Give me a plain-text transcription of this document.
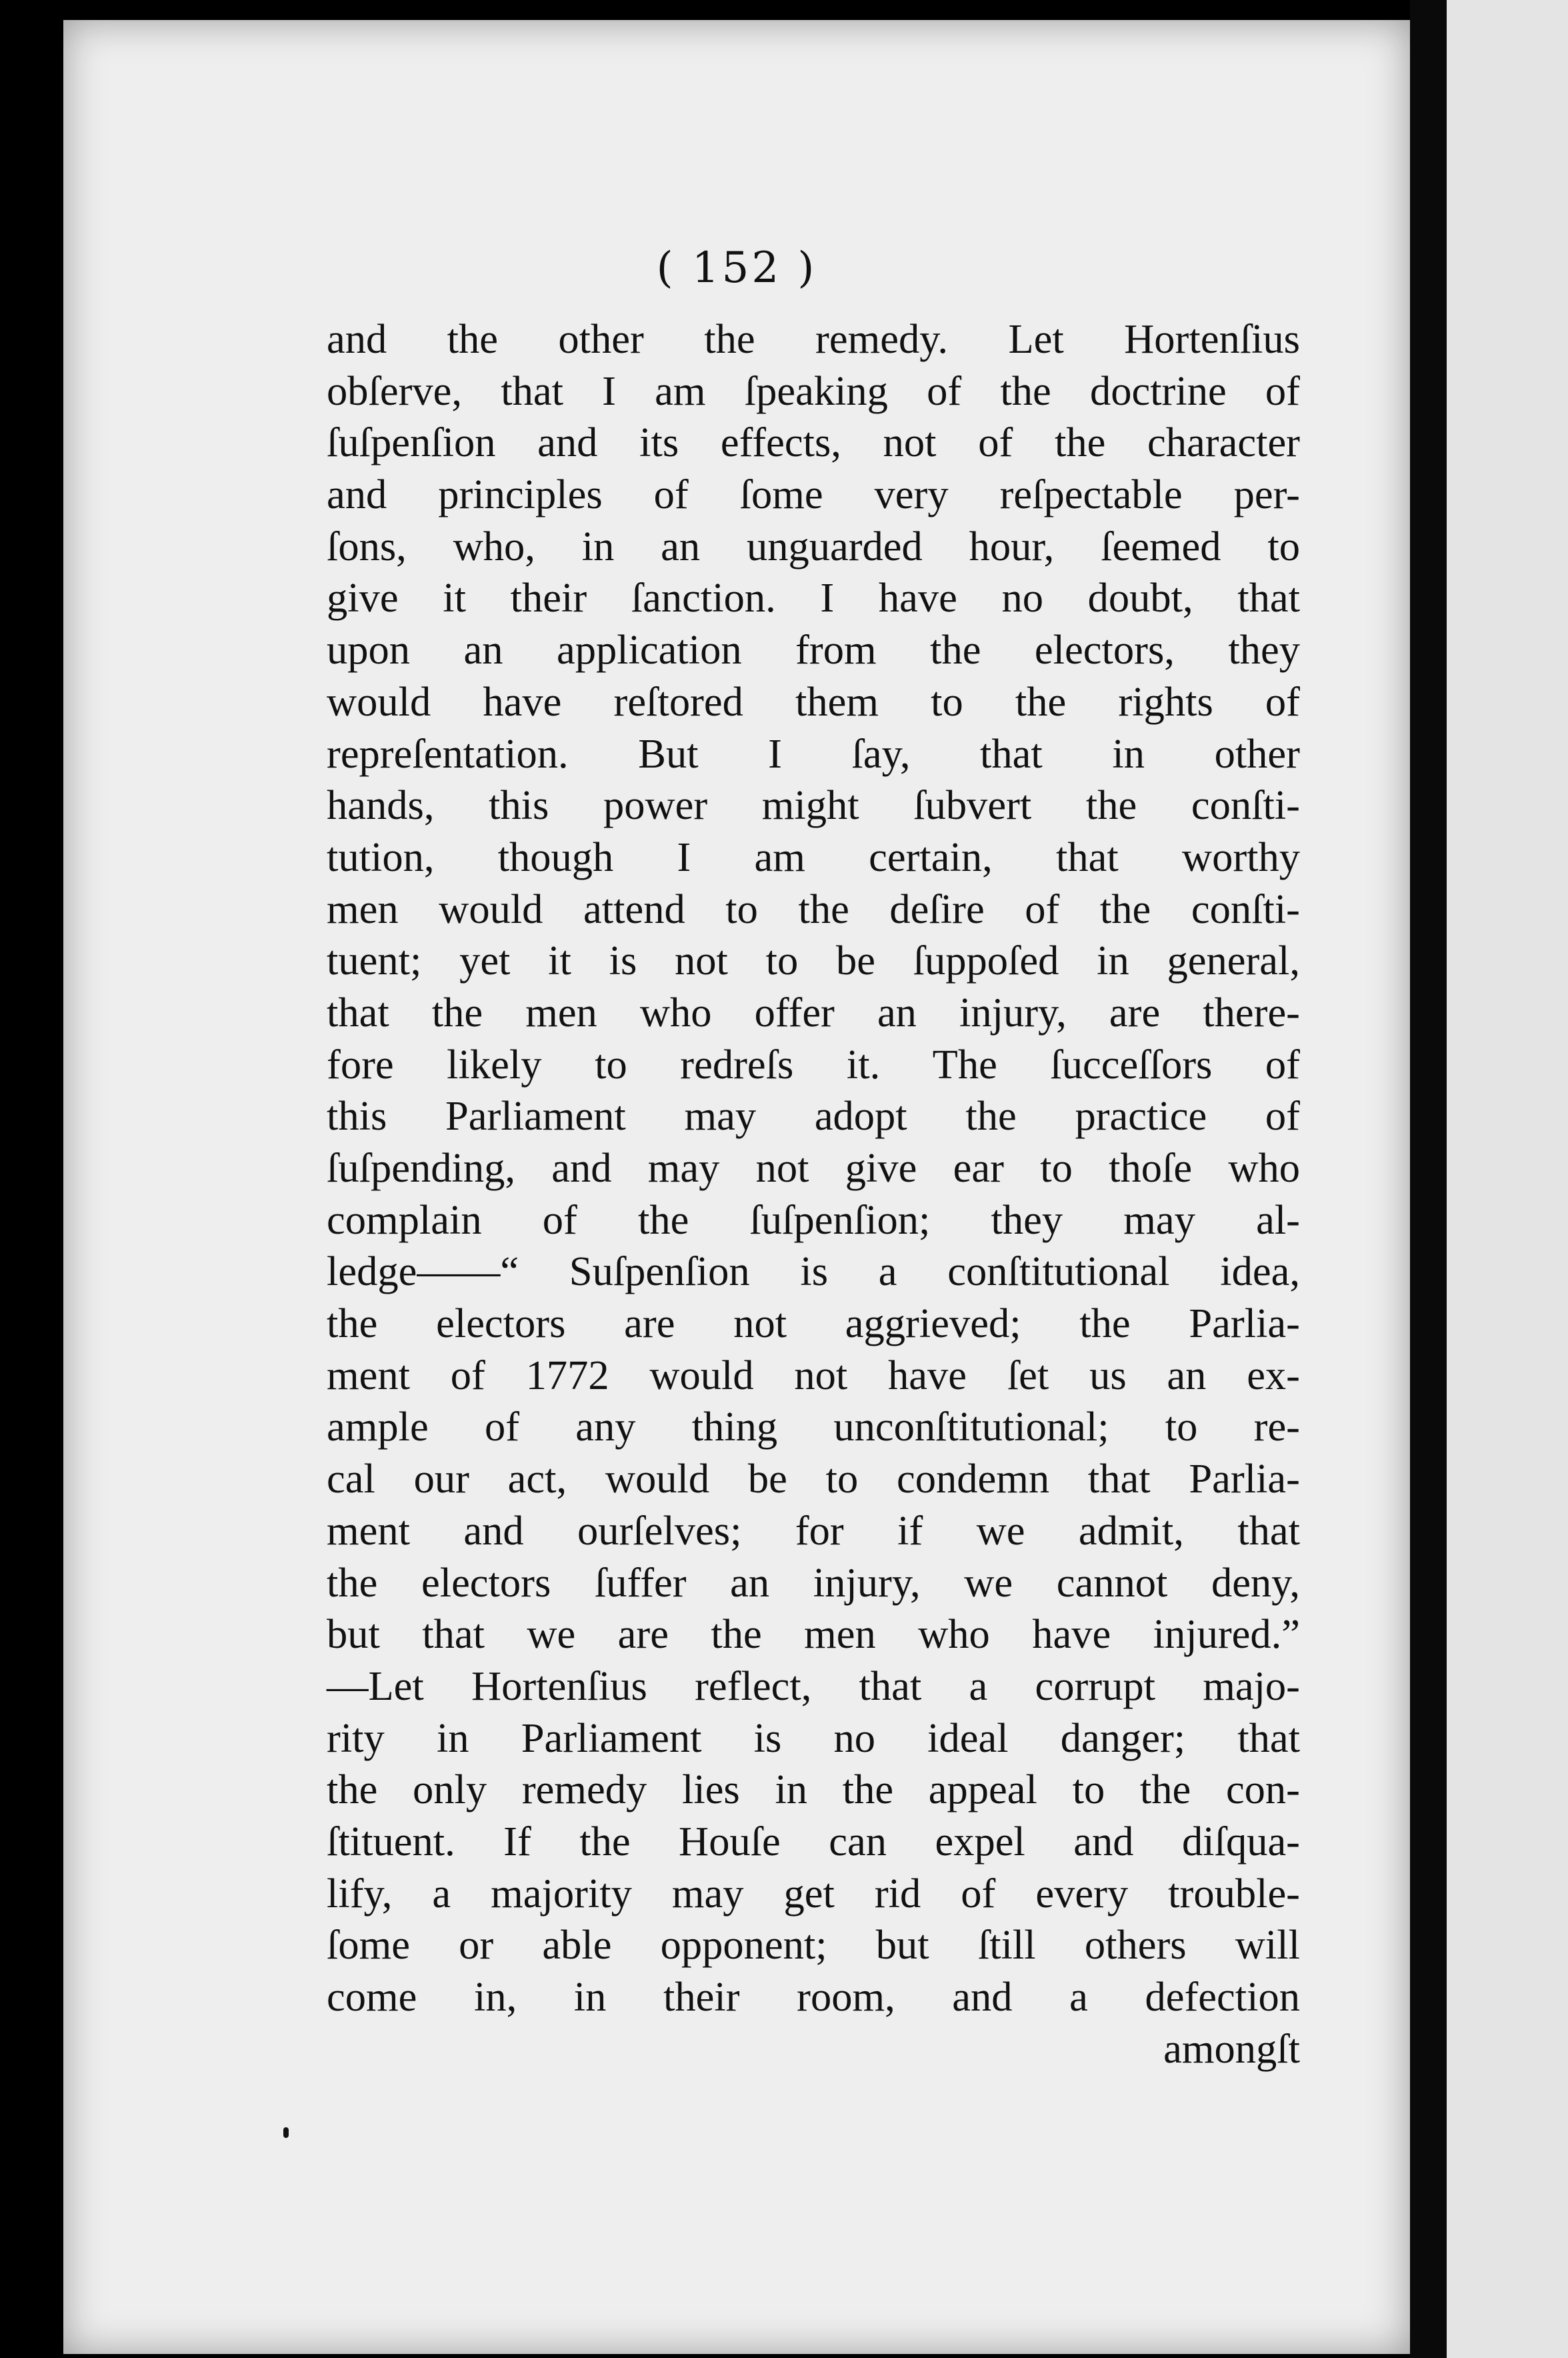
( 152 )
and the other the remedy. Let Hortenſius
obſerve, that I am ſpeaking of the doctrine of
ſuſpenſion and its effects, not of the character
and principles of ſome very reſpectable per-
ſons, who, in an unguarded hour, ſeemed to
give it their ſanction. I have no doubt, that
upon an application from the electors, they
would have reſtored them to the rights of
repreſentation. But I ſay, that in other
hands, this power might ſubvert the conſti-
tution, though I am certain, that worthy
men would attend to the deſire of the conſti-
tuent; yet it is not to be ſuppoſed in general,
that the men who offer an injury, are there-
fore likely to redreſs it. The ſucceſſors of
this Parliament may adopt the practice of
ſuſpending, and may not give ear to thoſe who
complain of the ſuſpenſion; they may al-
ledge——“ Suſpenſion is a conſtitutional idea,
the electors are not aggrieved; the Parlia-
ment of 1772 would not have ſet us an ex-
ample of any thing unconſtitutional; to re-
cal our act, would be to condemn that Parlia-
ment and ourſelves; for if we admit, that
the electors ſuffer an injury, we cannot deny,
but that we are the men who have injured.”
—Let Hortenſius reflect, that a corrupt majo-
rity in Parliament is no ideal danger; that
the only remedy lies in the appeal to the con-
ſtituent. If the Houſe can expel and diſqua-
lify, a majority may get rid of every trouble-
ſome or able opponent; but ſtill others will
come in, in their room, and a defection
amongſt
